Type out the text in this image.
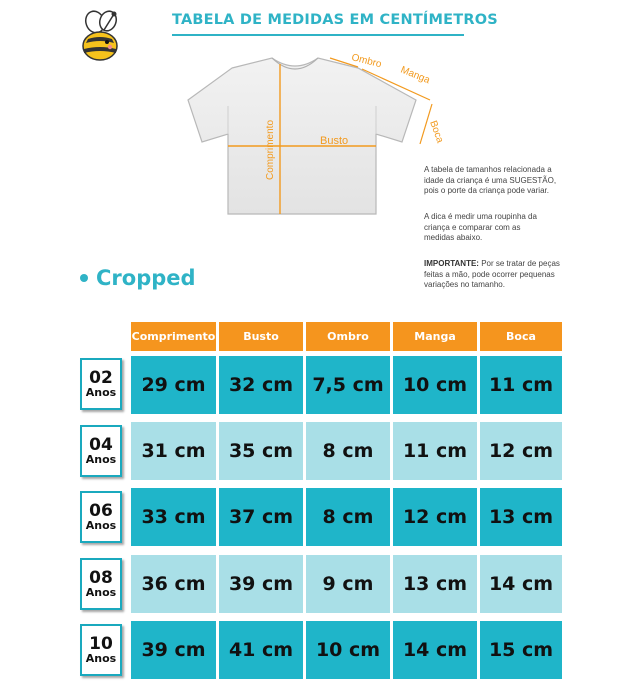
TABELA DE MEDIDAS EM CENTÍMETROS
Comprimento	Busto
Ombro
Manga
Boca
A tabela de tamanhos relacionada a
idade da criança é uma SUGESTÃO,
pois o porte da criança pode variar.
A dica é medir uma roupinha da
criança e comparar com as
medidas abaixo.
IMPORTANTE: Por se tratar de peças
feitas a mão, pode ocorrer pequenas
variações no tamanho.
Cropped
Comprimento	Busto	Ombro	Manga	Boca
02
Anos	29 cm	32 cm	7,5 cm	10 cm	11 cm
04
Anos	31 cm	35 cm	8 cm	11 cm	12 cm
06
Anos	33 cm	37 cm	8 cm	12 cm	13 cm
08
Anos	36 cm	39 cm	9 cm	13 cm	14 cm
10
Anos	39 cm	41 cm	10 cm	14 cm	15 cm
